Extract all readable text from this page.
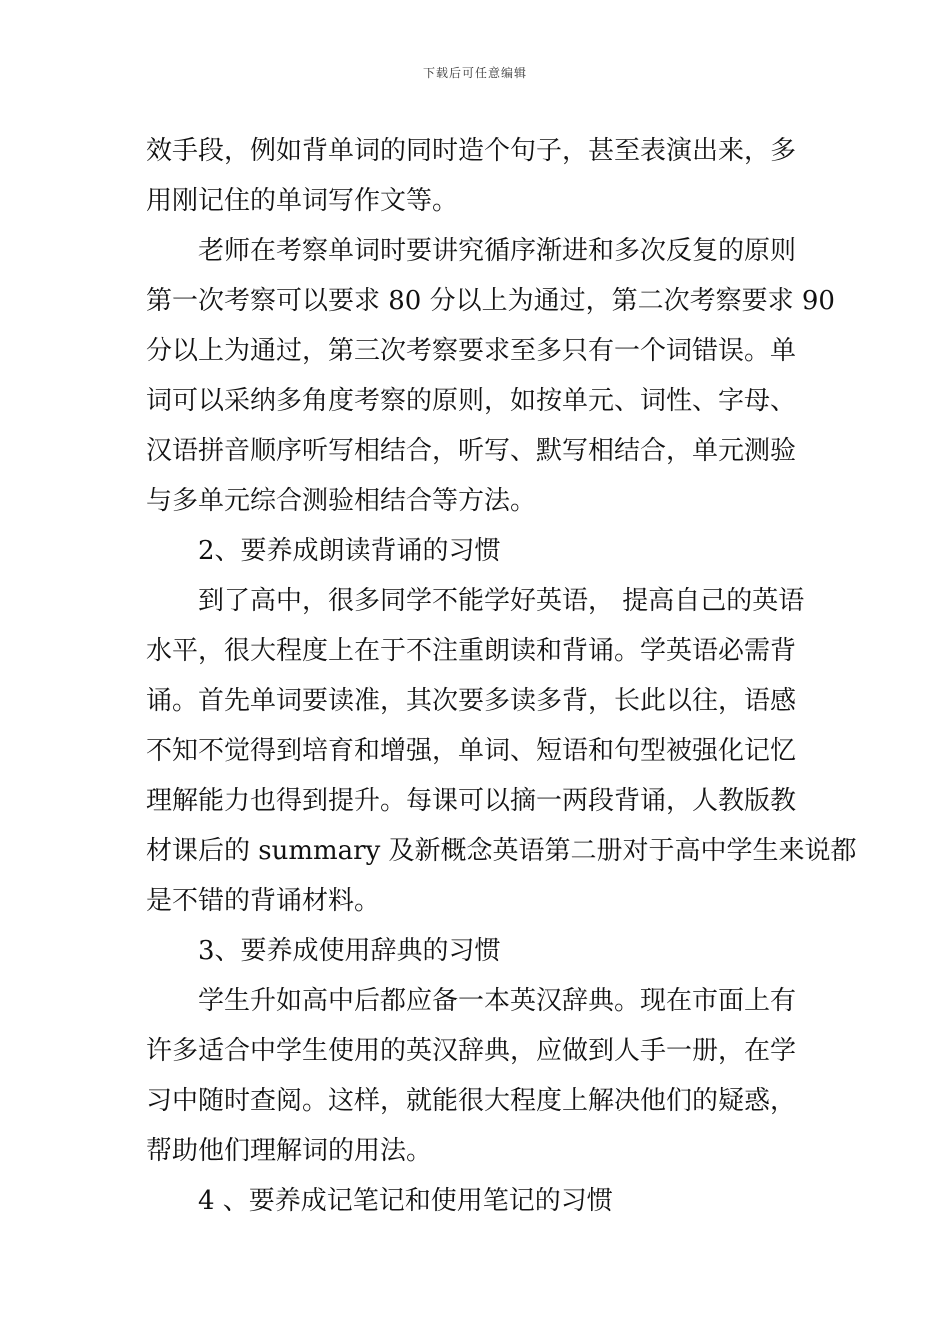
下载后可任意编辑
效手段，例如背单词的同时造个句子，甚至表演出来，多
用刚记住的单词写作文等。
老师在考察单词时要讲究循序渐进和多次反复的原则
第一次考察可以要求 80 分以上为通过，第二次考察要求 90
分以上为通过，第三次考察要求至多只有一个词错误。单
词可以采纳多角度考察的原则，如按单元、词性、字母、
汉语拼音顺序听写相结合，听写、默写相结合，单元测验
与多单元综合测验相结合等方法。
2、要养成朗读背诵的习惯
到了高中，很多同学不能学好英语， 提高自己的英语
水平，很大程度上在于不注重朗读和背诵。学英语必需背
诵。首先单词要读准，其次要多读多背，长此以往，语感
不知不觉得到培育和增强，单词、短语和句型被强化记忆
理解能力也得到提升。每课可以摘一两段背诵，人教版教
材课后的 summary 及新概念英语第二册对于高中学生来说都
是不错的背诵材料。
3、要养成使用辞典的习惯
学生升如高中后都应备一本英汉辞典。现在市面上有
许多适合中学生使用的英汉辞典，应做到人手一册，在学
习中随时查阅。这样，就能很大程度上解决他们的疑惑，
帮助他们理解词的用法。
4 、要养成记笔记和使用笔记的习惯
